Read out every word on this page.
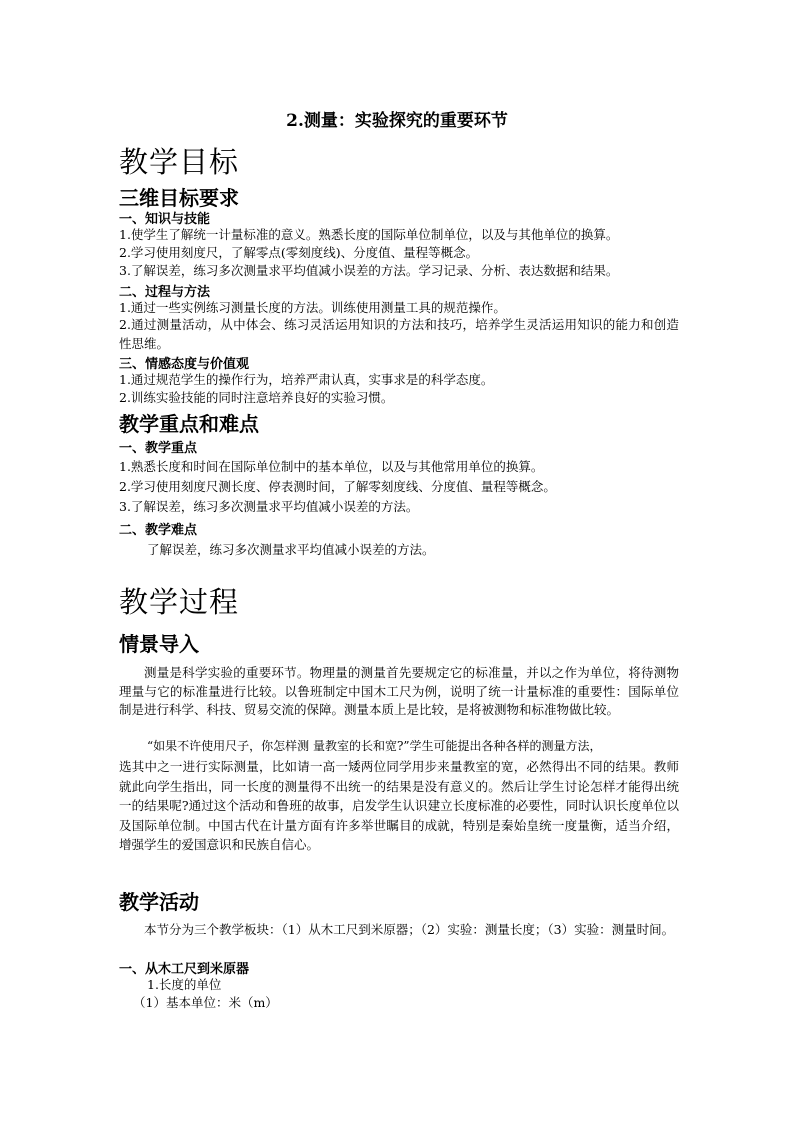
2.测量：实验探究的重要环节

教学目标

三维目标要求

一、知识与技能

1.使学生了解统一计量标准的意义。熟悉长度的国际单位制单位，以及与其他单位的换算。

2.学习使用刻度尺，了解零点(零刻度线)、分度值、量程等概念。

3.了解误差，练习多次测量求平均值减小误差的方法。学习记录、分析、表达数据和结果。

二、过程与方法

1.通过一些实例练习测量长度的方法。训练使用测量工具的规范操作。

2.通过测量活动，从中体会、练习灵活运用知识的方法和技巧，培养学生灵活运用知识的能力和创造性思维。

三、情感态度与价值观

1.通过规范学生的操作行为，培养严肃认真，实事求是的科学态度。

2.训练实验技能的同时注意培养良好的实验习惯。

教学重点和难点

一、教学重点

1.熟悉长度和时间在国际单位制中的基本单位，以及与其他常用单位的换算。

2.学习使用刻度尺测长度、停表测时间，了解零刻度线、分度值、量程等概念。

3.了解误差，练习多次测量求平均值减小误差的方法。

二、教学难点

了解误差，练习多次测量求平均值减小误差的方法。

教学过程

情景导入

测量是科学实验的重要环节。物理量的测量首先要规定它的标准量，并以之作为单位，将待测物理量与它的标准量进行比较。以鲁班制定中国木工尺为例，说明了统一计量标准的重要性：国际单位制是进行科学、科技、贸易交流的保障。测量本质上是比较，是将被测物和标准物做比较。

“如果不许使用尺子，你怎样测 量教室的长和宽?”学生可能提出各种各样的测量方法，

选其中之一进行实际测量，比如请一高一矮两位同学用步来量教室的宽，必然得出不同的结果。教师就此向学生指出，同一长度的测量得不出统一的结果是没有意义的。然后让学生讨论怎样才能得出统一的结果呢?通过这个活动和鲁班的故事，启发学生认识建立长度标准的必要性，同时认识长度单位以及国际单位制。中国古代在计量方面有许多举世瞩目的成就，特别是秦始皇统一度量衡，适当介绍，增强学生的爱国意识和民族自信心。

教学活动

本节分为三个教学板块：（1）从木工尺到米原器；（2）实验：测量长度；（3）实验：测量时间。

一、从木工尺到米原器

1.长度的单位

（1）基本单位：米（m）
